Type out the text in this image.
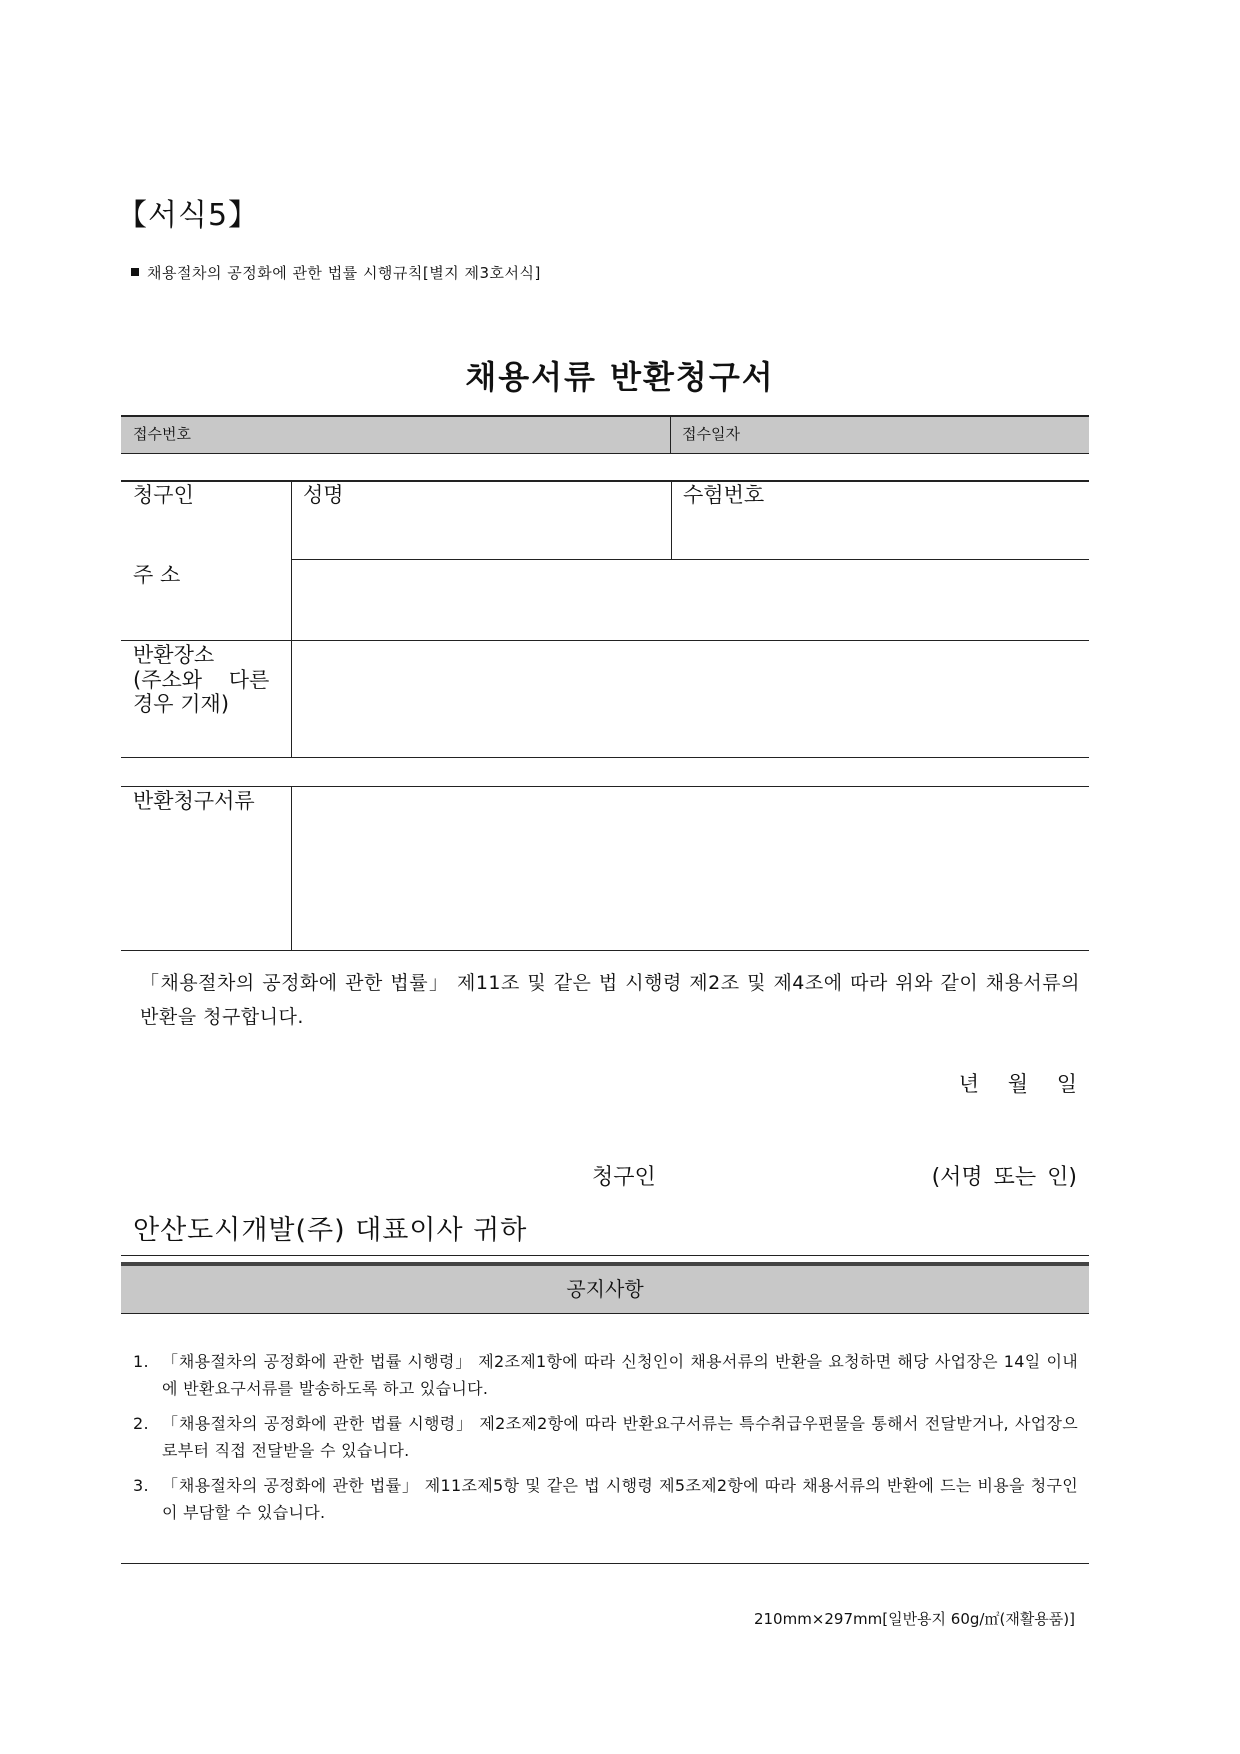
【서식5】
채용절차의 공정화에 관한 법률 시행규칙[별지 제3호서식]
채용서류 반환청구서
접수번호	접수일자
청구인	성명	수험번호
주 소
반환장소
(주소와    다른
경우 기재)
반환청구서류
「채용절차의 공정화에 관한 법률」 제11조 및 같은 법 시행령 제2조 및 제4조에 따라 위와 같이 채용서류의 반환을 청구합니다.
년 월 일
청구인	(서명 또는 인)
안산도시개발(주) 대표이사 귀하
공지사항
1. 「채용절차의 공정화에 관한 법률 시행령」 제2조제1항에 따라 신청인이 채용서류의 반환을 요청하면 해당 사업장은 14일 이내에 반환요구서류를 발송하도록 하고 있습니다.
2. 「채용절차의 공정화에 관한 법률 시행령」 제2조제2항에 따라 반환요구서류는 특수취급우편물을 통해서 전달받거나, 사업장으로부터 직접 전달받을 수 있습니다.
3. 「채용절차의 공정화에 관한 법률」 제11조제5항 및 같은 법 시행령 제5조제2항에 따라 채용서류의 반환에 드는 비용을 청구인이 부담할 수 있습니다.
210mm×297mm[일반용지 60g/㎡(재활용품)]
